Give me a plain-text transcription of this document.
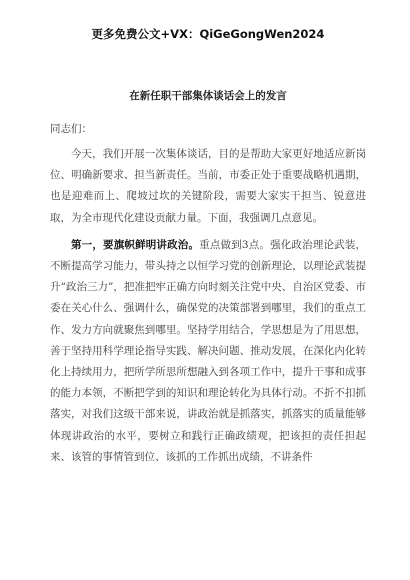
更多免费公文+VX：QiGeGongWen2024
在新任职干部集体谈话会上的发言
同志们：

今天，我们开展一次集体谈话，目的是帮助大家更好地适应新岗位、明确新要求、担当新责任。当前，市委正处于重要战略机遇期，也是迎难而上、爬坡过坎的关键阶段，需要大家实干担当、锐意进取，为全市现代化建设贡献力量。下面，我强调几点意见。

第一，要旗帜鲜明讲政治。重点做到3点。强化政治理论武装，不断提高学习能力，带头持之以恒学习党的创新理论，以理论武装提升“政治三力”，把准把牢正确方向时刻关注党中央、自治区党委、市委在关心什么、强调什么，确保党的决策部署到哪里，我们的重点工作、发力方向就聚焦到哪里。坚持学用结合，学思想是为了用思想，善于坚持用科学理论指导实践、解决问题、推动发展，在深化内化转化上持续用力，把所学所思所想融入到各项工作中，提升干事和成事的能力本领，不断把学到的知识和理论转化为具体行动。不折不扣抓落实，对我们这级干部来说，讲政治就是抓落实，抓落实的质量能够体现讲政治的水平，要树立和践行正确政绩观，把该担的责任担起来、该管的事情管到位、该抓的工作抓出成绩，不讲条件
